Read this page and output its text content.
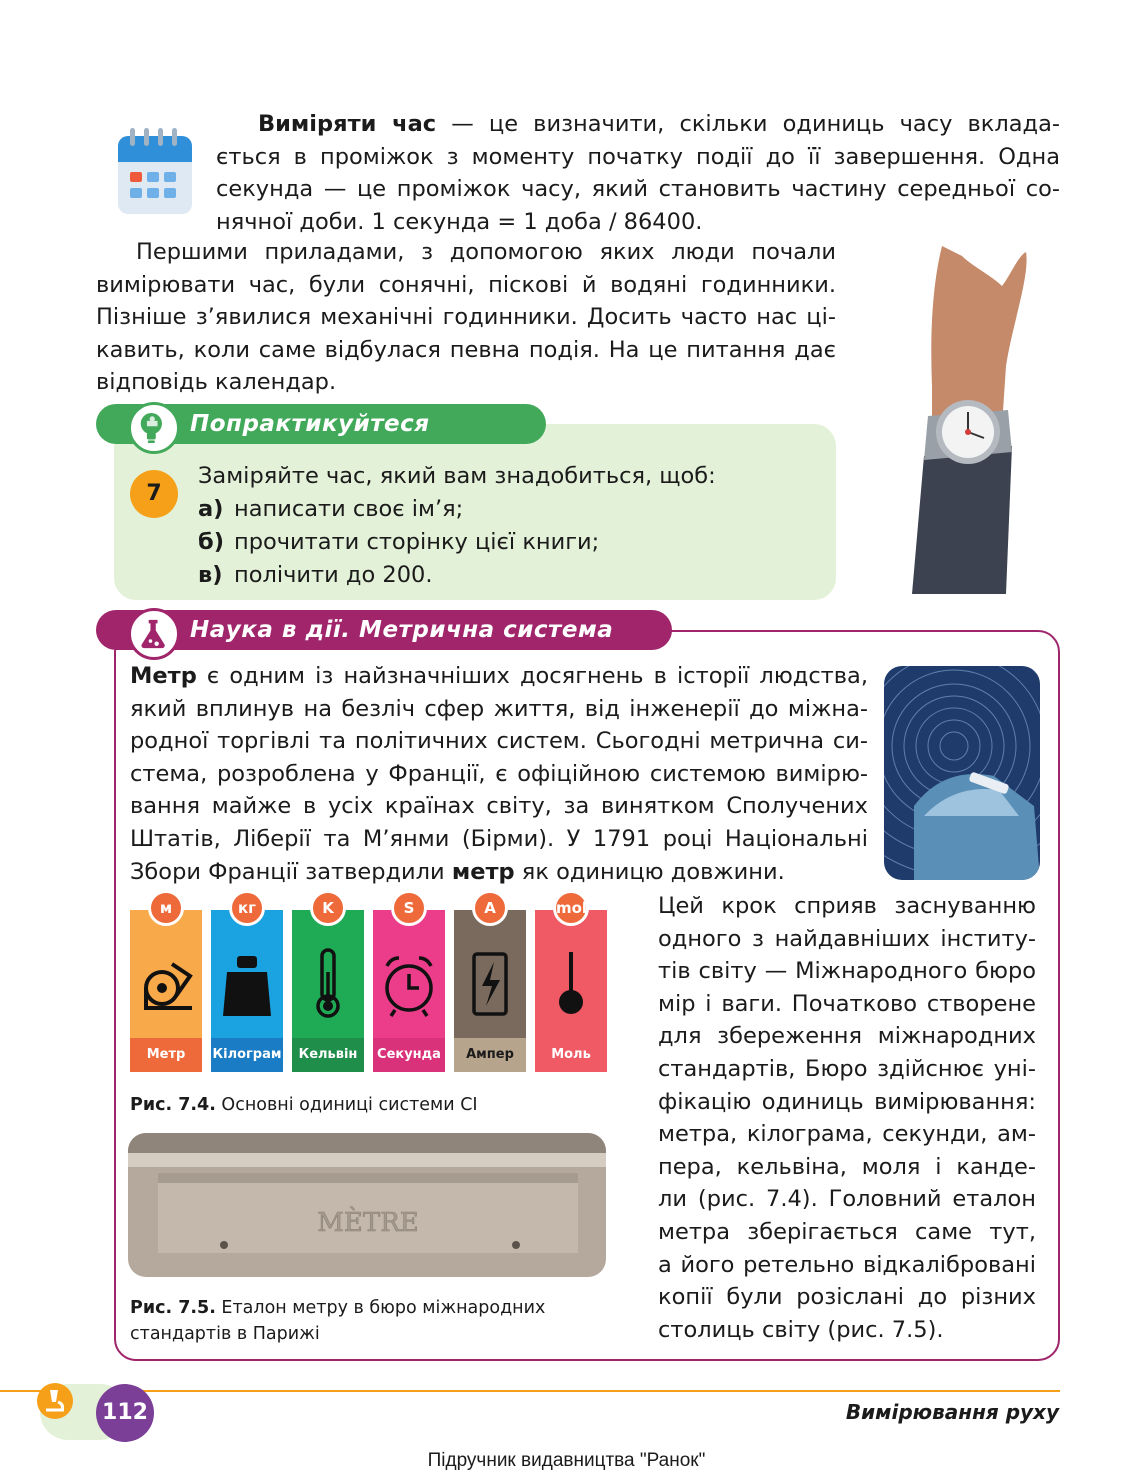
Виміряти час — це визначити, скільки одиниць часу вклада-
ється в проміжок з моменту початку події до її завершення. Одна
секунда — це проміжок часу, який становить частину середньої со-
нячної доби. 1 секунда = 1 доба / 86400.
Першими приладами, з допомогою яких люди почали
вимірювати час, були сонячні, піскові й водяні годинники.
Пізніше з’явилися механічні годинники. Досить часто нас ці-
кавить, коли саме відбулася певна подія. На це питання дає
відповідь календар.
Попрактикуйтеся
7
Заміряйте час, який вам знадобиться, щоб:
а) написати своє ім’я;
б) прочитати сторінку цієї книги;
в) полічити до 200.
Наука в дії. Метрична система
Метр є одним із найзначніших досягнень в історії людства,
який вплинув на безліч сфер життя, від інженерії до міжна-
родної торгівлі та політичних систем. Сьогодні метрична си-
стема, розроблена у Франції, є офіційною системою вимірю-
вання майже в усіх країнах світу, за винятком Сполучених
Штатів, Ліберії та М’янми (Бірми). У 1791 році Національні
Збори Франції затвердили метр як одиницю довжини.
Цей крок сприяв заснуванню
одного з найдавніших інститу-
тів світу — Міжнародного бюро
мір і ваги. Початково створене
для збереження міжнародних
стандартів, Бюро здійснює уні-
фікацію одиниць вимірювання:
метра, кілограма, секунди, ам-
пера, кельвіна, моля і канде-
ли (рис. 7.4). Головний еталон
метра зберігається саме тут,
а його ретельно відкалібровані
копії були розіслані до різних
столиць світу (рис. 7.5).
Метр
м
Кілограм
кг
Кельвін
K
Секунда
S
Ампер
A
Моль
mol
Рис. 7.4. Основні одиниці системи СІ
MÈTRE
Рис. 7.5. Еталон метру в бюро міжнародних
стандартів в Парижі
112	Вимірювання руху
Підручник видавництва "Ранок"
